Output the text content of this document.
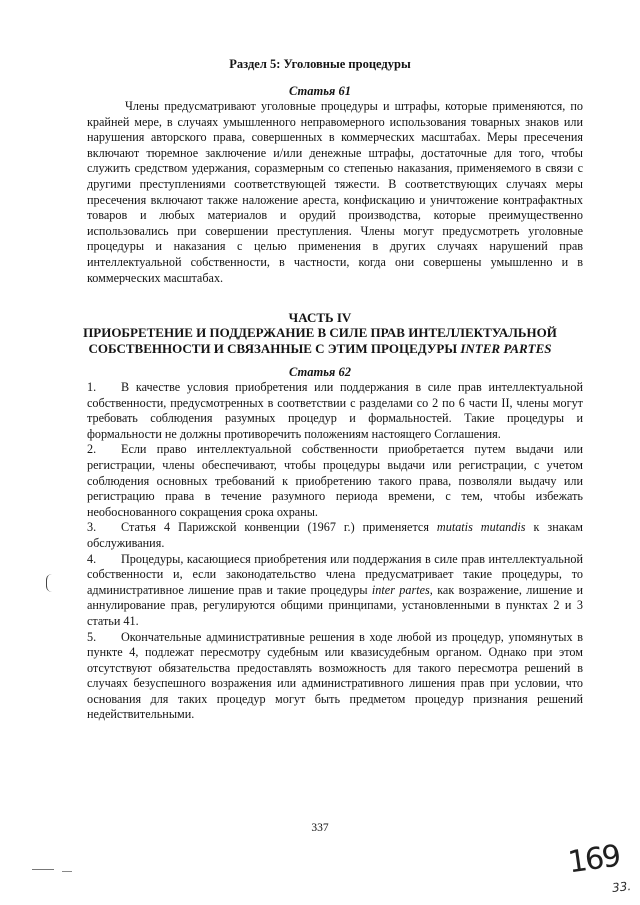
Раздел 5: Уголовные процедуры
Статья 61

Члены предусматривают уголовные процедуры и штрафы, которые применяются, по крайней мере, в случаях умышленного неправомерного использования товарных знаков или нарушения авторского права, совершенных в коммерческих масштабах. Меры пресечения включают тюремное заключение и/или денежные штрафы, достаточные для того, чтобы служить средством удержания, соразмерным со степенью наказания, применяемого в связи с другими преступлениями соответствующей тяжести. В соответствующих случаях меры пресечения включают также наложение ареста, конфискацию и уничтожение контрафактных товаров и любых материалов и орудий производства, которые преимущественно использовались при совершении преступления. Члены могут предусмотреть уголовные процедуры и наказания с целью применения в других случаях нарушений прав интеллектуальной собственности, в частности, когда они совершены умышленно и в коммерческих масштабах.

ЧАСТЬ IV
ПРИОБРЕТЕНИЕ И ПОДДЕРЖАНИЕ В СИЛЕ ПРАВ ИНТЕЛЛЕКТУАЛЬНОЙ
СОБСТВЕННОСТИ И СВЯЗАННЫЕ С ЭТИМ ПРОЦЕДУРЫ INTER PARTES
Статья 62

1. В качестве условия приобретения или поддержания в силе прав интеллектуальной собственности, предусмотренных в соответствии с разделами со 2 по 6 части II, члены могут требовать соблюдения разумных процедур и формальностей. Такие процедуры и формальности не должны противоречить положениям настоящего Соглашения.

2. Если право интеллектуальной собственности приобретается путем выдачи или регистрации, члены обеспечивают, чтобы процедуры выдачи или регистрации, с учетом соблюдения основных требований к приобретению такого права, позволяли выдачу или регистрацию права в течение разумного периода времени, с тем, чтобы избежать необоснованного сокращения срока охраны.

3. Статья 4 Парижской конвенции (1967 г.) применяется mutatis mutandis к знакам обслуживания.

4. Процедуры, касающиеся приобретения или поддержания в силе прав интеллектуальной собственности и, если законодательство члена предусматривает такие процедуры, то административное лишение прав и такие процедуры inter partes, как возражение, лишение и аннулирование прав, регулируются общими принципами, установленными в пунктах 2 и 3 статьи 41.

5. Окончательные административные решения в ходе любой из процедур, упомянутых в пункте 4, подлежат пересмотру судебным или квазисудебным органом. Однако при этом отсутствуют обязательства предоставлять возможность для такого пересмотра решений в случаях безуспешного возражения или административного лишения прав при условии, что основания для таких процедур могут быть предметом процедур признания решений недействительными.

337
169
33.
